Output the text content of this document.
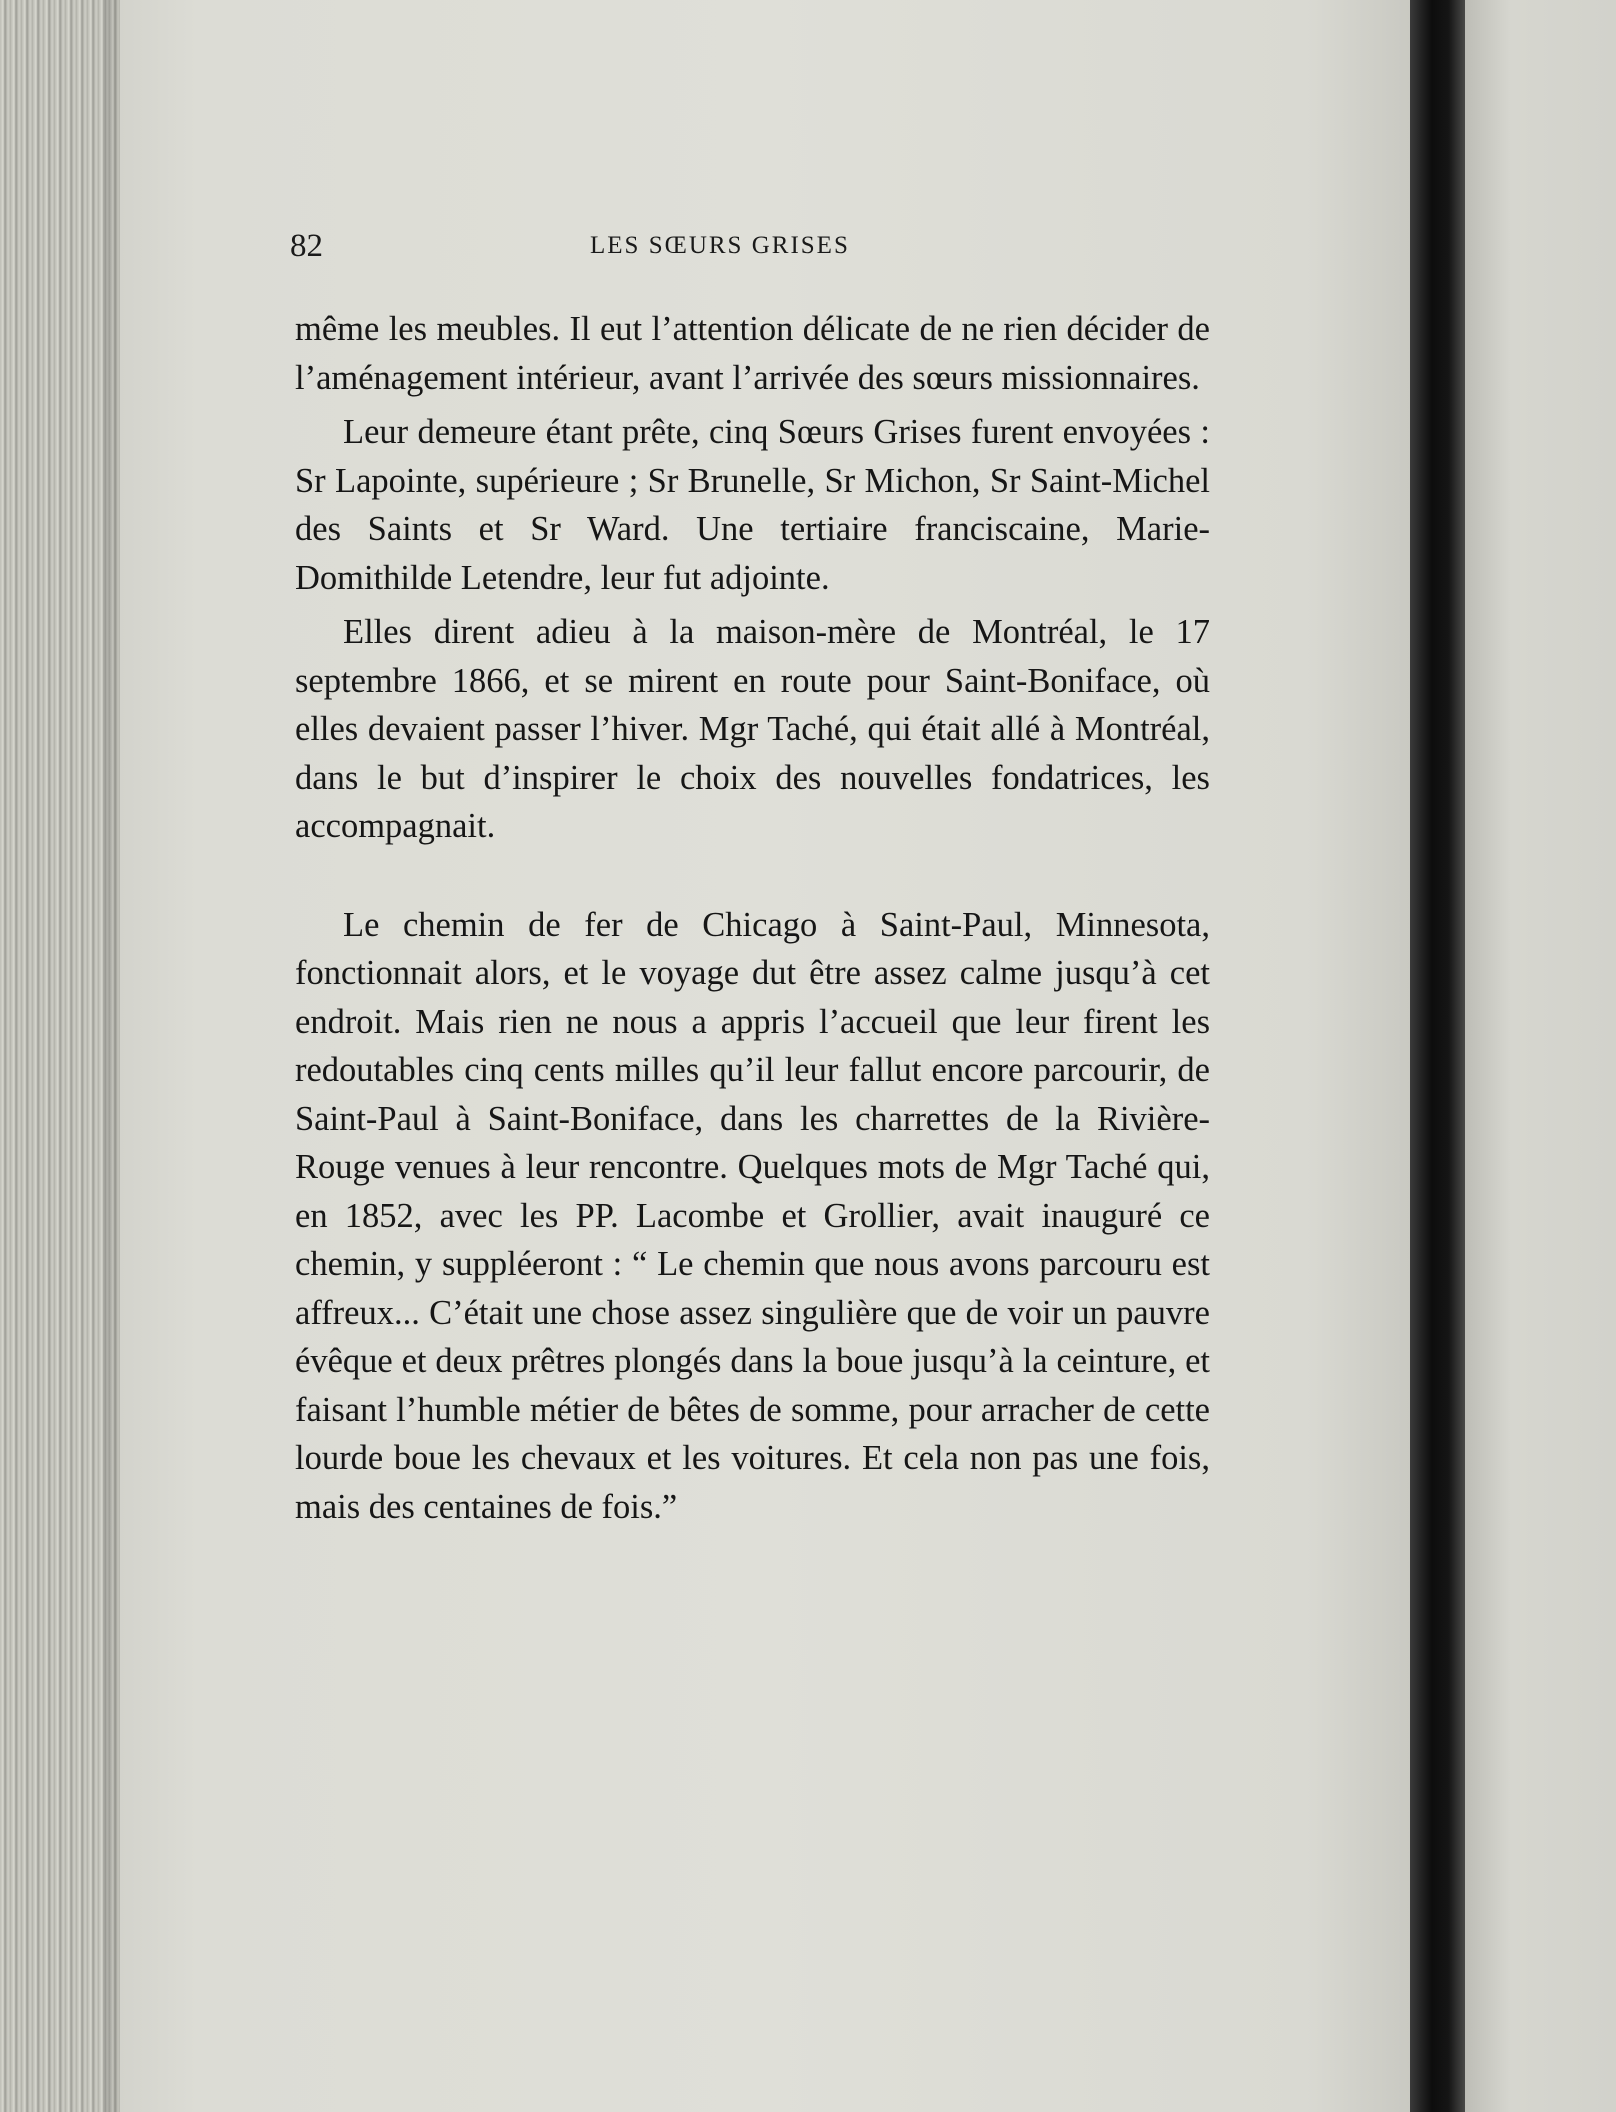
82	LES SŒURS GRISES

même les meubles. Il eut l’attention délicate de ne rien décider de l’aménagement intérieur, avant l’arrivée des sœurs missionnaires.

Leur demeure étant prête, cinq Sœurs Grises furent envoyées : Sr Lapointe, supérieure ; Sr Brunelle, Sr Michon, Sr Saint-Michel des Saints et Sr Ward. Une tertiaire franciscaine, Marie-Domithilde Letendre, leur fut adjointe.

Elles dirent adieu à la maison-mère de Montréal, le 17 septembre 1866, et se mirent en route pour Saint-Boniface, où elles devaient passer l’hiver. Mgr Taché, qui était allé à Montréal, dans le but d’inspirer le choix des nouvelles fondatrices, les accompagnait.

Le chemin de fer de Chicago à Saint-Paul, Minnesota, fonctionnait alors, et le voyage dut être assez calme jusqu’à cet endroit. Mais rien ne nous a appris l’accueil que leur firent les redoutables cinq cents milles qu’il leur fallut encore parcourir, de Saint-Paul à Saint-Boniface, dans les charrettes de la Rivière-Rouge venues à leur rencontre. Quelques mots de Mgr Taché qui, en 1852, avec les PP. Lacombe et Grollier, avait inauguré ce chemin, y suppléeront : “ Le chemin que nous avons parcouru est affreux... C’était une chose assez singulière que de voir un pauvre évêque et deux prêtres plongés dans la boue jusqu’à la ceinture, et faisant l’humble métier de bêtes de somme, pour arracher de cette lourde boue les chevaux et les voitures. Et cela non pas une fois, mais des centaines de fois.”
